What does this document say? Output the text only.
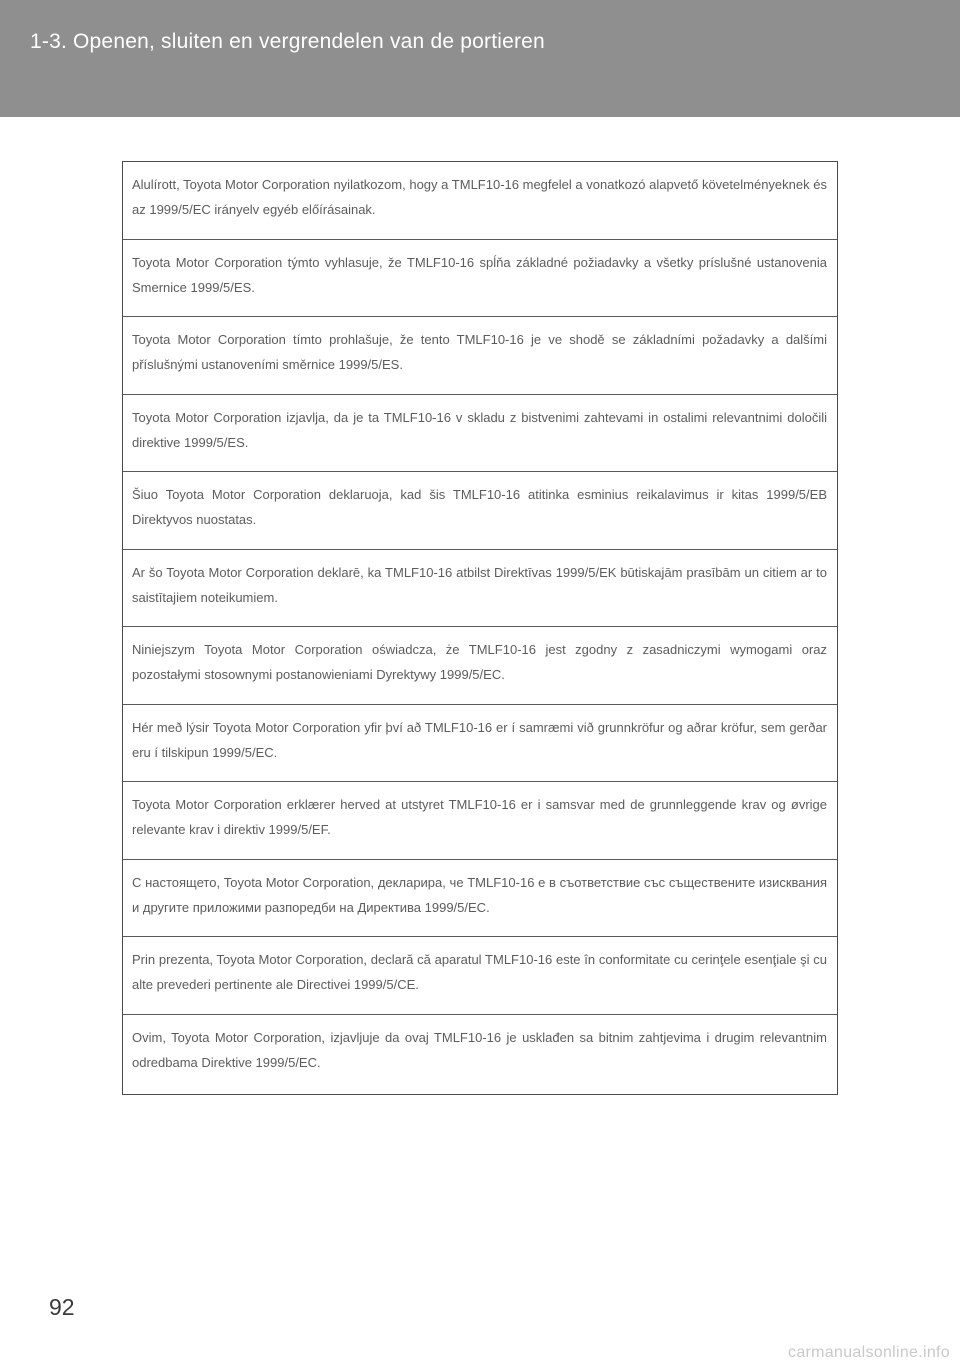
1-3. Openen, sluiten en vergrendelen van de portieren
Alulírott, Toyota Motor Corporation nyilatkozom, hogy a TMLF10-16 megfelel a vonatkozó alapvető követelményeknek és az 1999/5/EC irányelv egyéb előírásainak.
Toyota Motor Corporation týmto vyhlasuje, že TMLF10-16 spĺňa základné požiadavky a všetky príslušné ustanovenia Smernice 1999/5/ES.
Toyota Motor Corporation tímto prohlašuje, že tento TMLF10-16 je ve shodě se základními požadavky a dalšími příslušnými ustanoveními směrnice 1999/5/ES.
Toyota Motor Corporation izjavlja, da je ta TMLF10-16 v skladu z bistvenimi zahtevami in ostalimi relevantnimi določili direktive 1999/5/ES.
Šiuo Toyota Motor Corporation deklaruoja, kad šis TMLF10-16 atitinka esminius reikalavimus ir kitas 1999/5/EB Direktyvos nuostatas.
Ar šo Toyota Motor Corporation deklarē, ka TMLF10-16 atbilst Direktīvas 1999/5/EK būtiskajām prasībām un citiem ar to saistītajiem noteikumiem.
Niniejszym Toyota Motor Corporation oświadcza, że TMLF10-16 jest zgodny z zasadniczymi wymogami oraz pozostałymi stosownymi postanowieniami Dyrektywy 1999/5/EC.
Hér með lýsir Toyota Motor Corporation yfir því að TMLF10-16 er í samræmi við grunnkröfur og aðrar kröfur, sem gerðar eru í tilskipun 1999/5/EC.
Toyota Motor Corporation erklærer herved at utstyret TMLF10-16 er i samsvar med de grunnleggende krav og øvrige relevante krav i direktiv 1999/5/EF.
С настоящето, Toyota Motor Corporation, декларира, че TMLF10-16 е в съответствие със съществените изисквания и другите приложими разпоредби на Директива 1999/5/EC.
Prin prezenta, Toyota Motor Corporation, declară că aparatul TMLF10-16 este în conformitate cu cerinţele esenţiale şi cu alte prevederi pertinente ale Directivei 1999/5/CE.
Ovim, Toyota Motor Corporation, izjavljuje da ovaj TMLF10-16 je usklađen sa bitnim zahtjevima i drugim relevantnim odredbama Direktive 1999/5/EC.
92
carmanualsonline.info
